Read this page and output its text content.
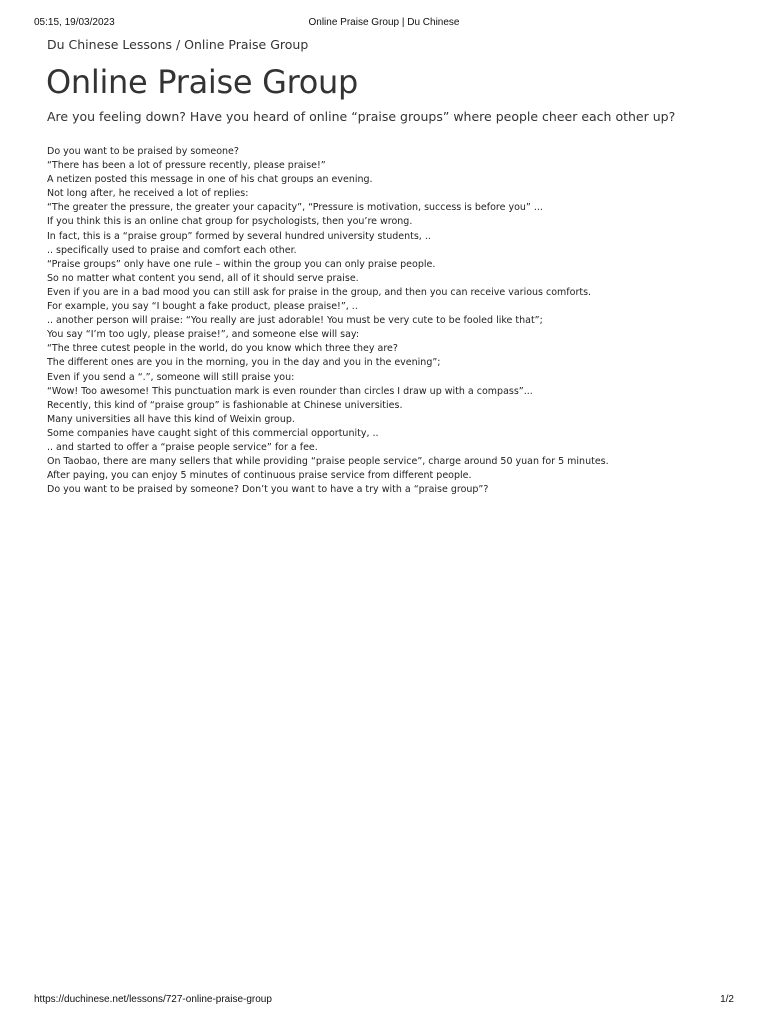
05:15, 19/03/2023	Online Praise Group | Du Chinese
Du Chinese Lessons / Online Praise Group
Online Praise Group
Are you feeling down? Have you heard of online “praise groups” where people cheer each other up?
Do you want to be praised by someone?
“There has been a lot of pressure recently, please praise!”
A netizen posted this message in one of his chat groups an evening.
Not long after, he received a lot of replies:
“The greater the pressure, the greater your capacity”, “Pressure is motivation, success is before you” ...
If you think this is an online chat group for psychologists, then you’re wrong.
In fact, this is a “praise group” formed by several hundred university students, ..
.. specifically used to praise and comfort each other.
“Praise groups” only have one rule – within the group you can only praise people.
So no matter what content you send, all of it should serve praise.
Even if you are in a bad mood you can still ask for praise in the group, and then you can receive various comforts.
For example, you say “I bought a fake product, please praise!”, ..
.. another person will praise: “You really are just adorable! You must be very cute to be fooled like that”;
You say “I’m too ugly, please praise!”, and someone else will say:
“The three cutest people in the world, do you know which three they are?
The different ones are you in the morning, you in the day and you in the evening”;
Even if you send a “.”, someone will still praise you:
“Wow! Too awesome! This punctuation mark is even rounder than circles I draw up with a compass”...
Recently, this kind of “praise group” is fashionable at Chinese universities.
Many universities all have this kind of Weixin group.
Some companies have caught sight of this commercial opportunity, ..
.. and started to offer a “praise people service” for a fee.
On Taobao, there are many sellers that while providing “praise people service”, charge around 50 yuan for 5 minutes.
After paying, you can enjoy 5 minutes of continuous praise service from different people.
Do you want to be praised by someone? Don’t you want to have a try with a “praise group”?
https://duchinese.net/lessons/727-online-praise-group	1/2
